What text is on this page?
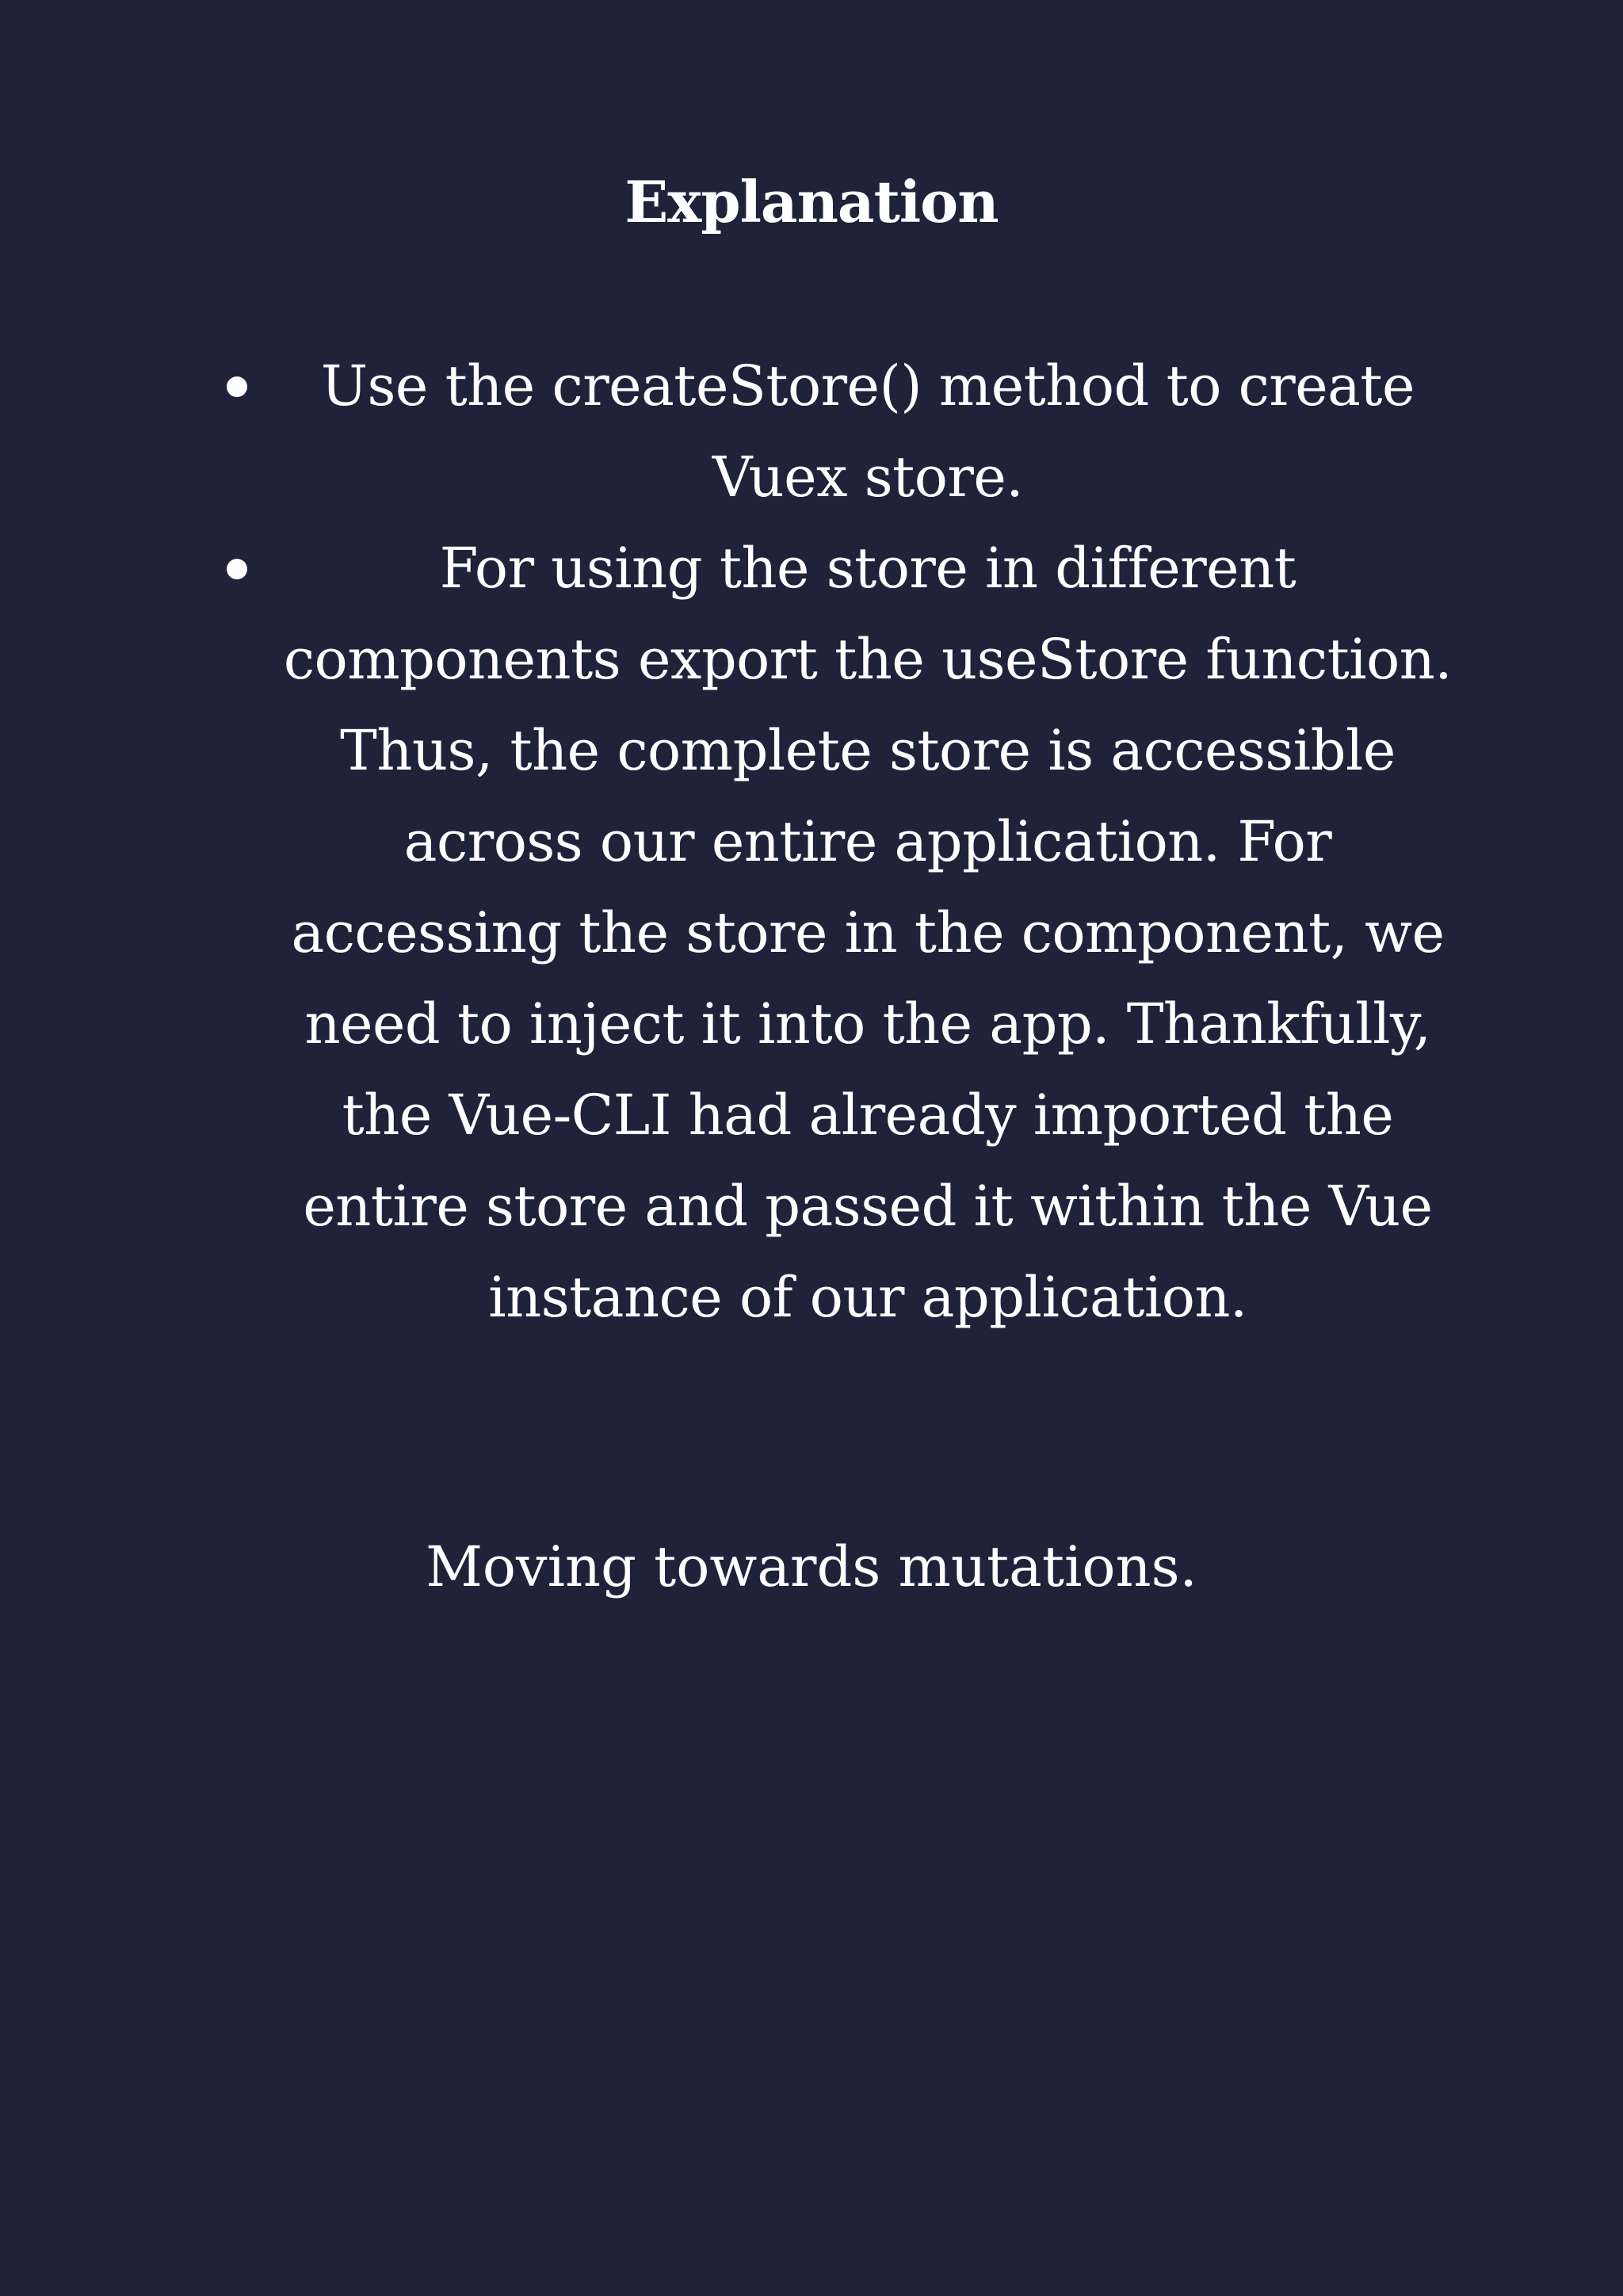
Explanation

Use the createStore() method to create Vuex store.

For using the store in different components export the useStore function. Thus, the complete store is accessible across our entire application. For accessing the store in the component, we need to inject it into the app. Thankfully, the Vue-CLI had already imported the entire store and passed it within the Vue instance of our application.

Moving towards mutations.
